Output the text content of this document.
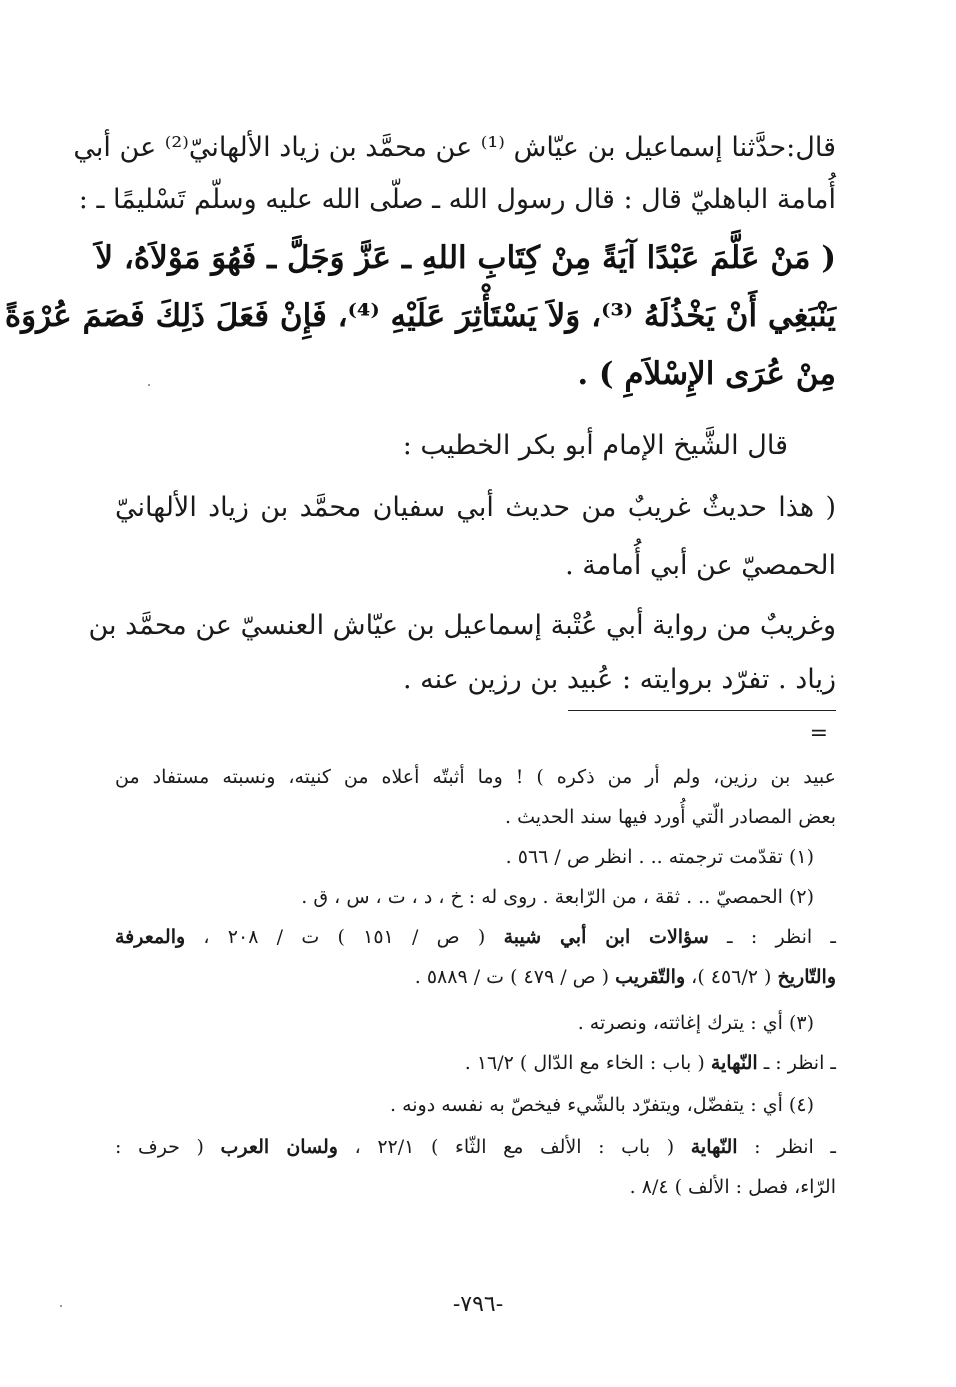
قال:حدَّثنا إسماعيل بن عيّاش ⁽¹⁾ عن محمَّد بن زياد الألهانيّ⁽²⁾ عن أبي
أُمامة الباهليّ قال : قال رسول الله ـ صلّى الله عليه وسلّم تَسْليمًا ـ :
( مَنْ عَلَّمَ عَبْدًا آيَةً مِنْ كِتَابِ اللهِ ـ عَزَّ وَجَلَّ ـ فَهُوَ مَوْلاَهُ، لاَ
يَنْبَغِي أَنْ يَخْذُلَهُ ⁽³⁾، وَلاَ يَسْتَأْثِرَ عَلَيْهِ ⁽⁴⁾، فَإِنْ فَعَلَ ذَلِكَ فَصَمَ عُرْوَةً
مِنْ عُرَى الإِسْلاَمِ ) .
قال الشَّيخ الإمام أبو بكر الخطيب :
( هذا حديثٌ غريبٌ من حديث أبي سفيان محمَّد بن زياد الألهانيّ
الحمصيّ عن أبي أُمامة .
وغريبٌ من رواية أبي عُتْبة إسماعيل بن عيّاش العنسيّ عن محمَّد بن
زياد . تفرّد بروايته : عُبيد بن رزين عنه .
=
عبيد بن رزين، ولم أر من ذكره ) ! وما أثبتّه أعلاه من كنيته، ونسبته مستفاد من
بعض المصادر الّتي أُورد فيها سند الحديث .
(١) تقدّمت ترجمته .. . انظر ص / ٥٦٦ .
(٢) الحمصيّ .. . ثقة ، من الرّابعة . روى له : خ ، د ، ت ، س ، ق .
ـ انظر : ـ سؤالات ابن أبي شيبة ( ص / ١٥١ ) ت / ٢٠٨ ، والمعرفة
والتّاريخ ( ٤٥٦/٢ )، والتّقريب ( ص / ٤٧٩ ) ت / ٥٨٨٩ .
(٣) أي : يترك إغاثته، ونصرته .
ـ انظر : ـ النّهاية ( باب : الخاء مع الدّال ) ١٦/٢ .
(٤) أي : يتفضّل، ويتفرّد بالشّيء فيخصّ به نفسه دونه .
ـ انظر : النّهاية ( باب : الألف مع الثّاء ) ٢٢/١ ، ولسان العرب ( حرف :
الرّاء، فصل : الألف ) ٨/٤ .
-٧٩٦-
